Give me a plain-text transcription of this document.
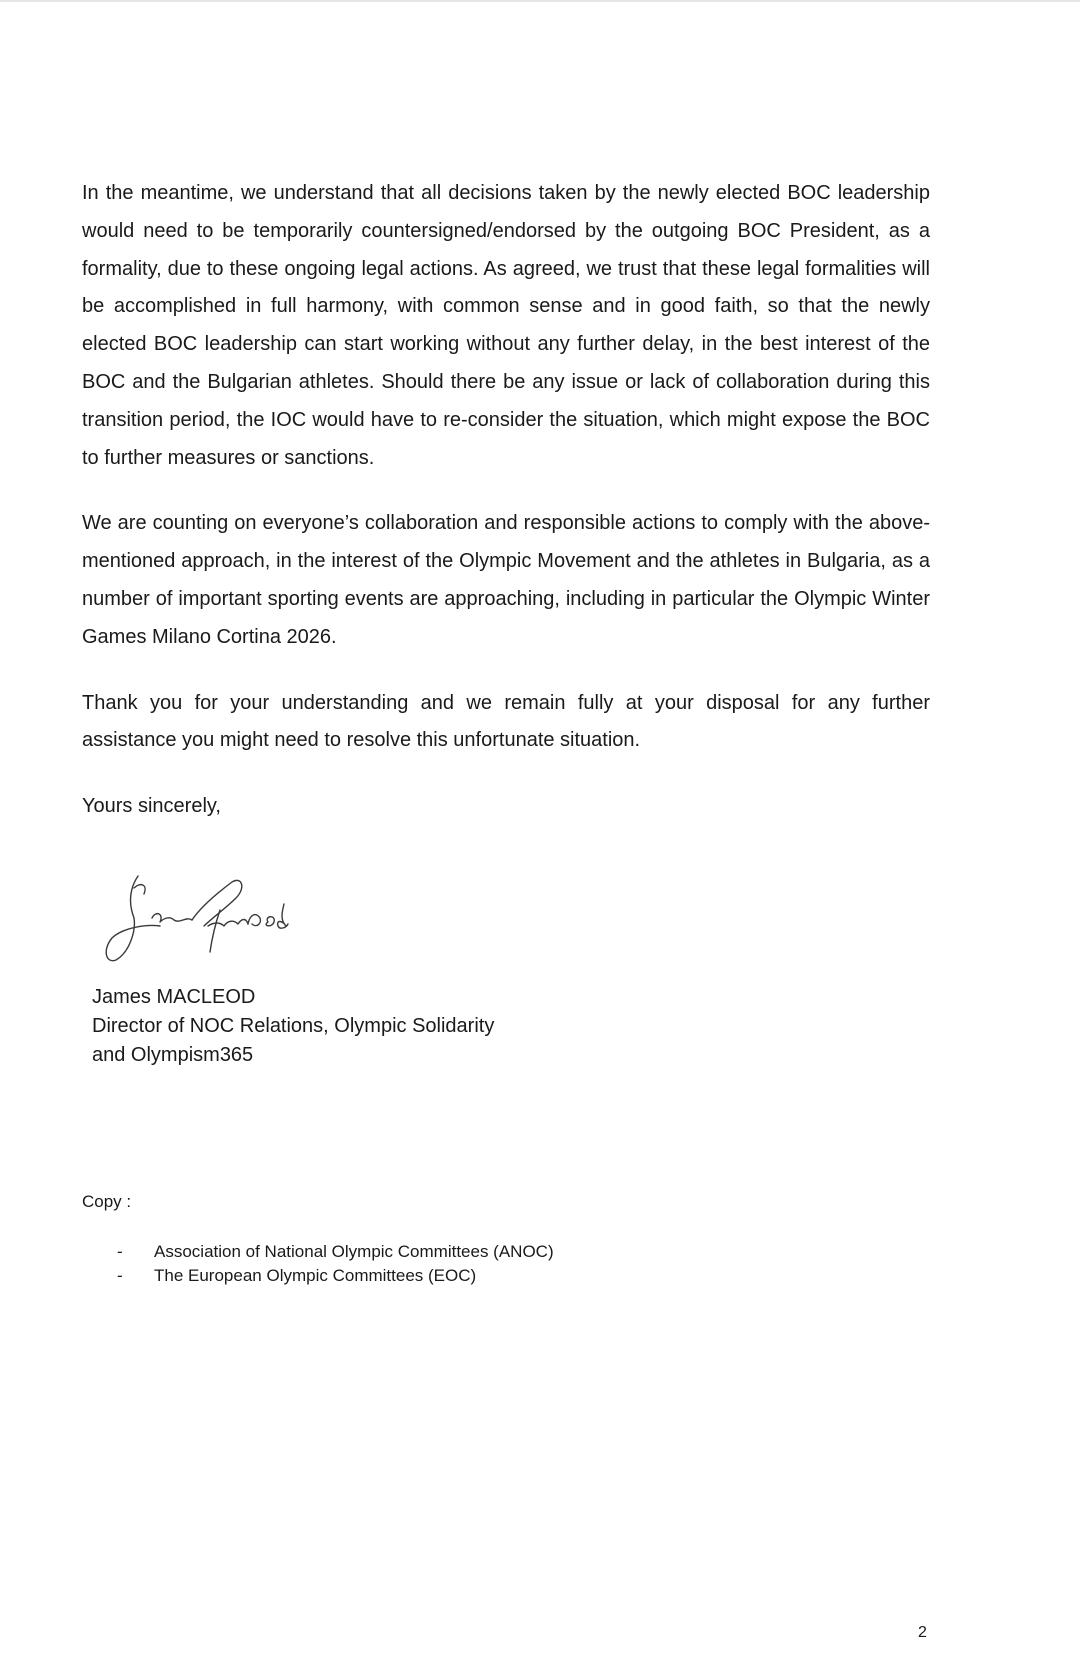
In the meantime, we understand that all decisions taken by the newly elected BOC leadership would need to be temporarily countersigned/endorsed by the outgoing BOC President, as a formality, due to these ongoing legal actions. As agreed, we trust that these legal formalities will be accomplished in full harmony, with common sense and in good faith, so that the newly elected BOC leadership can start working without any further delay, in the best interest of the BOC and the Bulgarian athletes. Should there be any issue or lack of collaboration during this transition period, the IOC would have to re-consider the situation, which might expose the BOC to further measures or sanctions.

We are counting on everyone’s collaboration and responsible actions to comply with the above-mentioned approach, in the interest of the Olympic Movement and the athletes in Bulgaria, as a number of important sporting events are approaching, including in particular the Olympic Winter Games Milano Cortina 2026.

Thank you for your understanding and we remain fully at your disposal for any further assistance you might need to resolve this unfortunate situation.

Yours sincerely,

James MACLEOD
Director of NOC Relations, Olympic Solidarity
and Olympism365
Copy :
-	Association of National Olympic Committees (ANOC)
-	The European Olympic Committees (EOC)
2
